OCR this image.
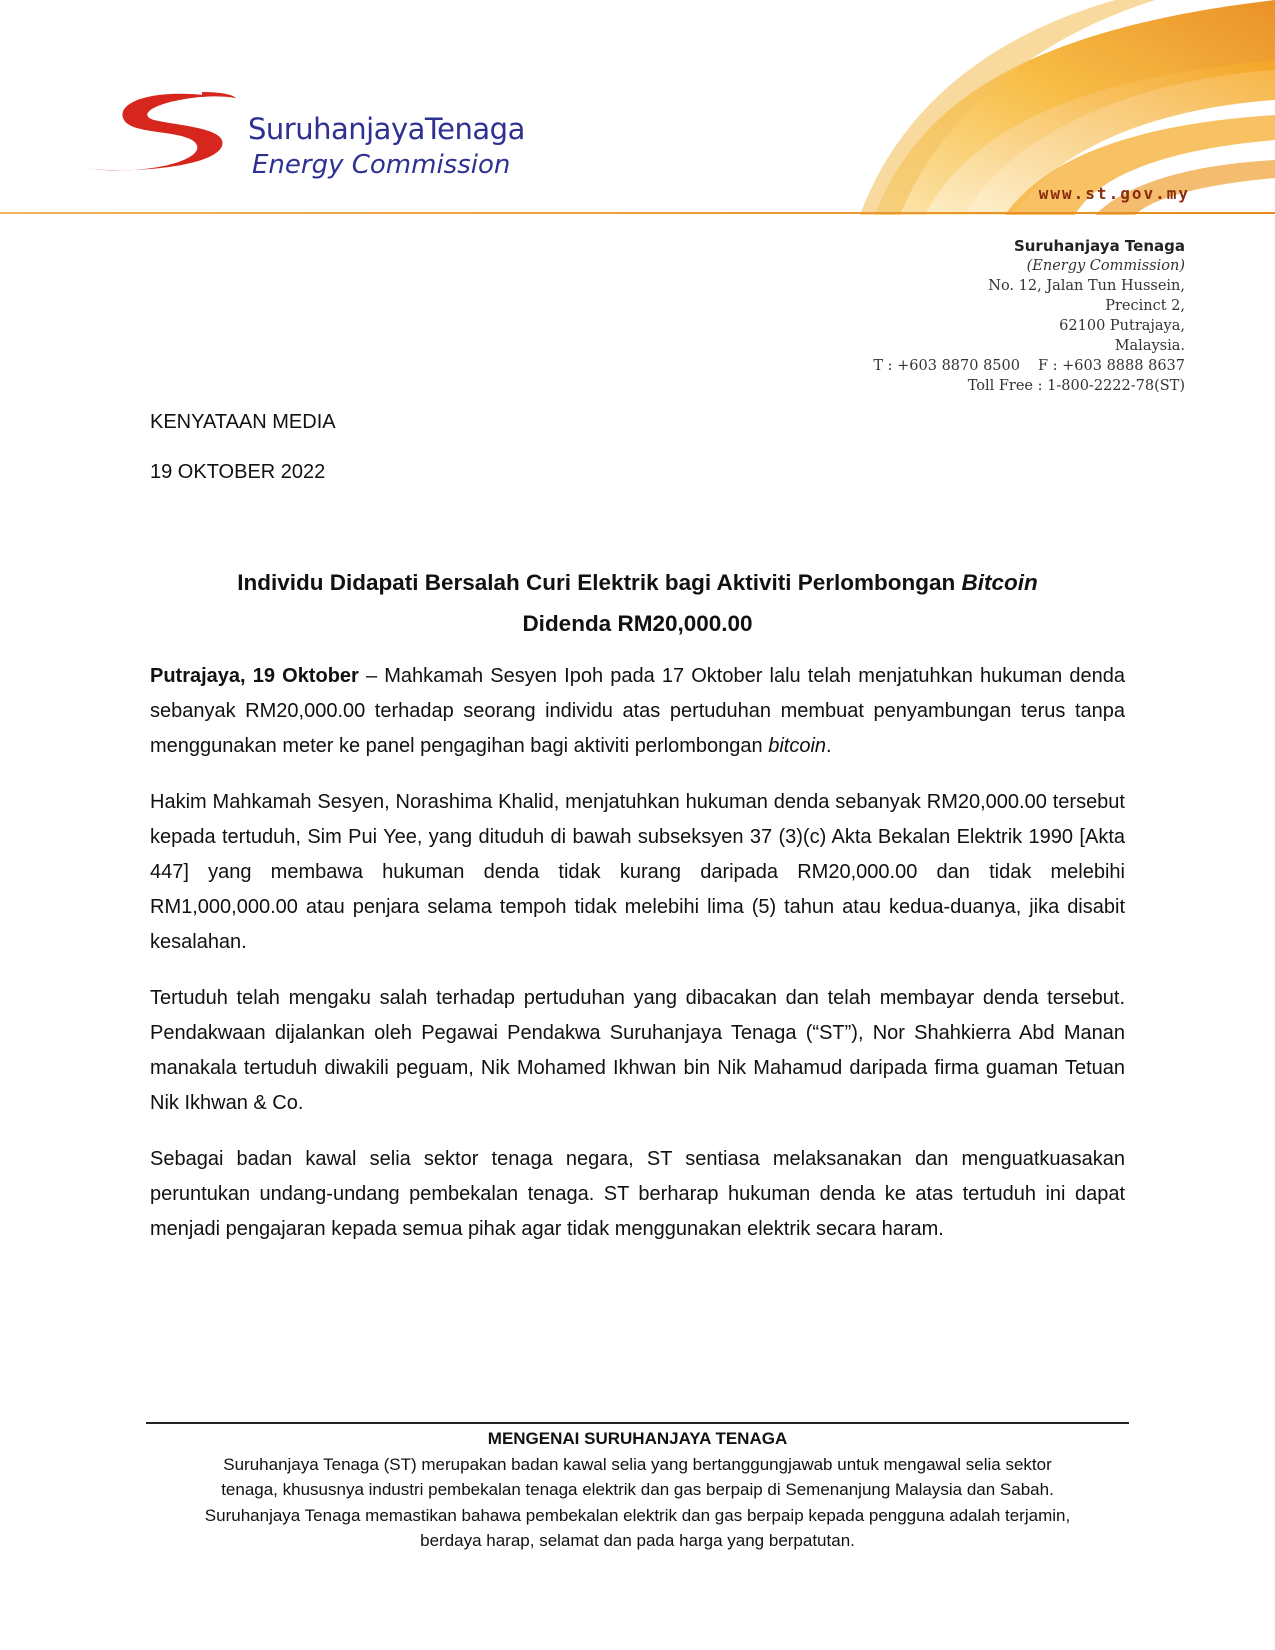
SuruhanjayaTenaga
Energy Commission
www.st.gov.my
Suruhanjaya Tenaga
(Energy Commission)
No. 12, Jalan Tun Hussein,
Precinct 2,
62100 Putrajaya,
Malaysia.
T : +603 8870 8500 F : +603 8888 8637
Toll Free : 1-800-2222-78(ST)
KENYATAAN MEDIA
19 OKTOBER 2022
Individu Didapati Bersalah Curi Elektrik bagi Aktiviti Perlombongan Bitcoin
Didenda RM20,000.00

Putrajaya, 19 Oktober – Mahkamah Sesyen Ipoh pada 17 Oktober lalu telah menjatuhkan hukuman denda sebanyak RM20,000.00 terhadap seorang individu atas pertuduhan membuat penyambungan terus tanpa menggunakan meter ke panel pengagihan bagi aktiviti perlombongan bitcoin.

Hakim Mahkamah Sesyen, Norashima Khalid, menjatuhkan hukuman denda sebanyak RM20,000.00 tersebut kepada tertuduh, Sim Pui Yee, yang dituduh di bawah subseksyen 37 (3)(c) Akta Bekalan Elektrik 1990 [Akta 447] yang membawa hukuman denda tidak kurang daripada RM20,000.00 dan tidak melebihi RM1,000,000.00 atau penjara selama tempoh tidak melebihi lima (5) tahun atau kedua-duanya, jika disabit kesalahan.

Tertuduh telah mengaku salah terhadap pertuduhan yang dibacakan dan telah membayar denda tersebut. Pendakwaan dijalankan oleh Pegawai Pendakwa Suruhanjaya Tenaga (“ST”), Nor Shahkierra Abd Manan manakala tertuduh diwakili peguam, Nik Mohamed Ikhwan bin Nik Mahamud daripada firma guaman Tetuan Nik Ikhwan & Co.

Sebagai badan kawal selia sektor tenaga negara, ST sentiasa melaksanakan dan menguatkuasakan peruntukan undang-undang pembekalan tenaga. ST berharap hukuman denda ke atas tertuduh ini dapat menjadi pengajaran kepada semua pihak agar tidak menggunakan elektrik secara haram.

MENGENAI SURUHANJAYA TENAGA
Suruhanjaya Tenaga (ST) merupakan badan kawal selia yang bertanggungjawab untuk mengawal selia sektor
tenaga, khususnya industri pembekalan tenaga elektrik dan gas berpaip di Semenanjung Malaysia dan Sabah.
Suruhanjaya Tenaga memastikan bahawa pembekalan elektrik dan gas berpaip kepada pengguna adalah terjamin,
berdaya harap, selamat dan pada harga yang berpatutan.
